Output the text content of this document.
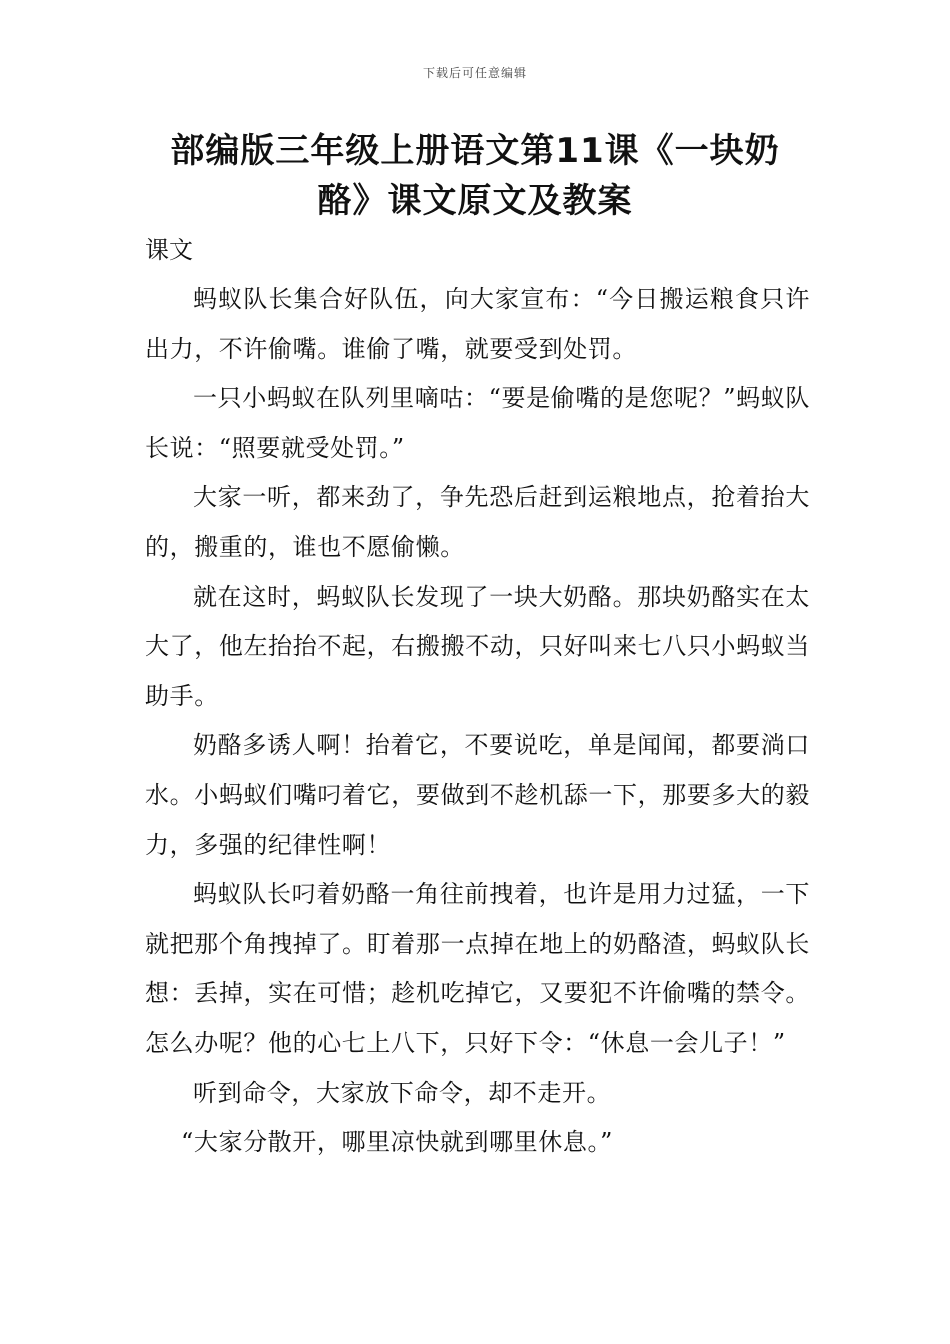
下载后可任意编辑
部编版三年级上册语文第11课《一块奶
酪》课文原文及教案
课文

蚂蚁队长集合好队伍，向大家宣布：“今日搬运粮食只许出力，不许偷嘴。谁偷了嘴，就要受到处罚。

一只小蚂蚁在队列里嘀咕：“要是偷嘴的是您呢？”蚂蚁队长说：“照要就受处罚。”

大家一听，都来劲了，争先恐后赶到运粮地点，抢着抬大的，搬重的，谁也不愿偷懒。

就在这时，蚂蚁队长发现了一块大奶酪。那块奶酪实在太大了，他左抬抬不起，右搬搬不动，只好叫来七八只小蚂蚁当助手。

奶酪多诱人啊！抬着它，不要说吃，单是闻闻，都要淌口水。小蚂蚁们嘴叼着它，要做到不趁机舔一下，那要多大的毅力，多强的纪律性啊！

蚂蚁队长叼着奶酪一角往前拽着，也许是用力过猛，一下就把那个角拽掉了。盯着那一点掉在地上的奶酪渣，蚂蚁队长想：丢掉，实在可惜；趁机吃掉它，又要犯不许偷嘴的禁令。怎么办呢？他的心七上八下，只好下令：“休息一会儿子！”

听到命令，大家放下命令，却不走开。

“大家分散开，哪里凉快就到哪里休息。”
